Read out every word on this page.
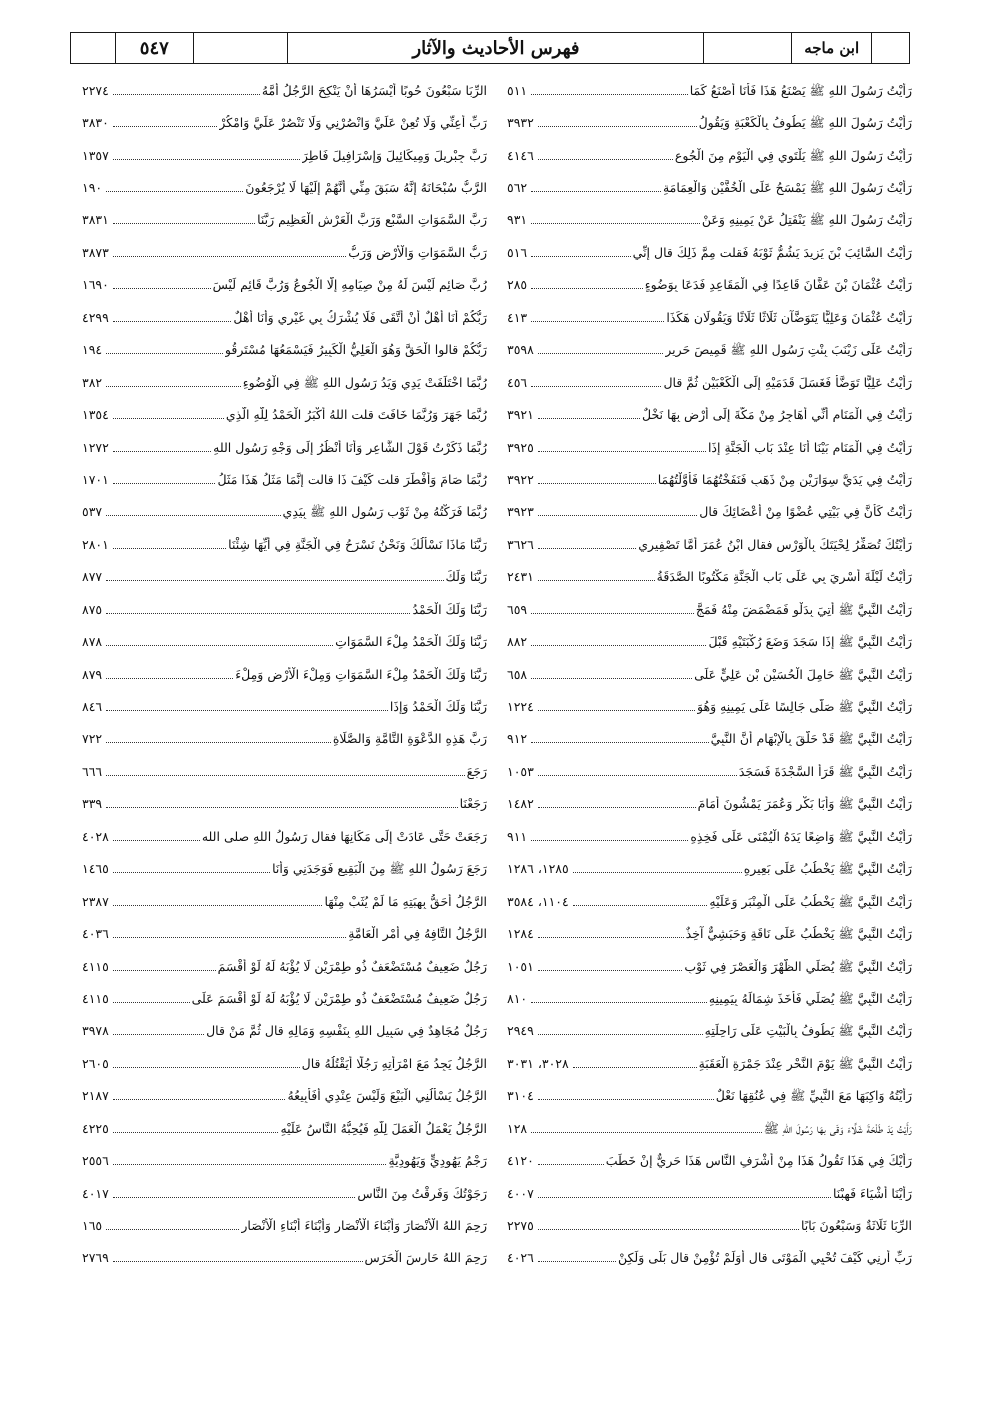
٥٤٧	فهرس الأحاديث والآثار	ابن ماجه
٢٢٧٤	الرِّبَا سَبْعُونَ حُوبًا أَيْسَرُهَا أَنْ يَنْكِحَ الرَّجُلُ أُمَّهُ
٣٨٣٠	رَبِّ أَعِنِّي وَلَا تُعِنْ عَلَيَّ وَانْصُرْنِي وَلَا تَنْصُرْ عَلَيَّ وَامْكُرْ
١٣٥٧	رَبَّ جِبْرِيلَ وَمِيكَائِيلَ وَإِسْرَافِيلَ فَاطِرَ
١٩٠	الرَّبُّ سُبْحَانَهُ إِنَّهُ سَبَقَ مِنِّي أَنَّهُمْ إِلَيْهَا لَا يُرْجَعُونَ
٣٨٣١	رَبَّ السَّمَوَاتِ السَّبْعِ وَرَبَّ الْعَرْشِ الْعَظِيمِ رَبَّنَا
٣٨٧٣	رَبُّ السَّمَوَاتِ وَالْأَرْضِ وَرَبُّ
١٦٩٠	رُبَّ صَائِمٍ لَيْسَ لَهُ مِنْ صِيَامِهِ إِلَّا الْجُوعُ وَرُبَّ قَائِمٍ لَيْسَ
٤٢٩٩	رَبُّكُمْ أَنَا أَهْلٌ أَنْ أُتَّقَى فَلَا يُشْرَكُ بِي غَيْرِي وَأَنَا أَهْلٌ
١٩٤	رَبُّكُمْ قالوا الْحَقَّ وَهُوَ الْعَلِيُّ الْكَبِيرُ فَيَسْمَعُهَا مُسْتَرِقُو
٣٨٢	رُبَّمَا اخْتَلَفَتْ يَدِي وَيَدُ رَسُولِ اللهِ ﷺ فِي الْوُضُوءِ
١٣٥٤	رُبَّمَا جَهَرَ وَرُبَّمَا خَافَتَ قلت اللهُ أَكْبَرُ الْحَمْدُ لِلَّهِ الَّذِي
١٢٧٢	رُبَّمَا ذَكَرْتُ قَوْلَ الشَّاعِرِ وَأَنَا أَنْظُرُ إِلَى وَجْهِ رَسُولِ اللهِ
١٧٠١	رُبَّمَا صَامَ وَأَفْطَرَ قلت كَيْفَ ذَا قالت إِنَّمَا مَثَلُ هَذَا مَثَلُ
٥٣٧	رُبَّمَا فَرَكْتُهُ مِنْ ثَوْبِ رَسُولِ اللهِ ﷺ بِيَدِي
٢٨٠١	رَبَّنَا مَاذَا نَسْأَلُكَ وَنَحْنُ نَسْرَحُ فِي الْجَنَّةِ فِي أَيِّهَا شِئْنَا
٨٧٧	رَبَّنَا وَلَكَ
٨٧٥	رَبَّنَا وَلَكَ الْحَمْدُ
٨٧٨	رَبَّنَا وَلَكَ الْحَمْدُ مِلْءَ السَّمَوَاتِ
٨٧٩	رَبَّنَا وَلَكَ الْحَمْدُ مِلْءَ السَّمَوَاتِ وَمِلْءَ الْأَرْضِ وَمِلْءَ
٨٤٦	رَبَّنَا وَلَكَ الْحَمْدُ وَإِذَا
٧٢٢	رَبَّ هَذِهِ الدَّعْوَةِ التَّامَّةِ وَالصَّلَاةِ
٦٦٦	رَجَعَ
٣٣٩	رَجَعْنَا
٤٠٢٨	رَجَعَتْ حَتَّى عَادَتْ إِلَى مَكَانِهَا فقال رَسُولُ اللهِ صلى الله
١٤٦٥	رَجَعَ رَسُولُ اللهِ ﷺ مِنَ الْبَقِيعِ فَوَجَدَنِي وَأَنَا
٢٣٨٧	الرَّجُلُ أَحَقُّ بِهِبَتِهِ مَا لَمْ يُثَبْ مِنْهَا
٤٠٣٦	الرَّجُلُ التَّافِهُ فِي أَمْرِ الْعَامَّةِ
٤١١٥	رَجُلٌ ضَعِيفٌ مُسْتَضْعَفٌ ذُو طِمْرَيْنِ لَا يُؤْبَهُ لَهُ لَوْ أَقْسَمَ
٤١١٥	رَجُلٌ ضَعِيفٌ مُسْتَضْعَفٌ ذُو طِمْرَيْنِ لَا يُؤْبَهُ لَهُ لَوْ أَقْسَمَ عَلَى
٣٩٧٨	رَجُلٌ مُجَاهِدٌ فِي سَبِيلِ اللهِ بِنَفْسِهِ وَمَالِهِ قال ثُمَّ مَنْ قال
٢٦٠٥	الرَّجُلُ يَجِدُ مَعَ امْرَأَتِهِ رَجُلًا أَيَقْتُلُهُ قال
٢١٨٧	الرَّجُلُ يَسْأَلُنِي الْبَيْعَ وَلَيْسَ عِنْدِي أَفَأَبِيعُهُ
٤٢٢٥	الرَّجُلُ يَعْمَلُ الْعَمَلَ لِلَّهِ فَيُحِبُّهُ النَّاسُ عَلَيْهِ
٢٥٥٦	رَجْمُ يَهُودِيٍّ وَيَهُودِيَّةٍ
٤٠١٧	رَجَوْتُكَ وَفَرِقْتُ مِنَ النَّاسِ
١٦٥	رَحِمَ اللهُ الْأَنْصَارَ وَأَبْنَاءَ الْأَنْصَارِ وَأَبْنَاءَ أَبْنَاءِ الْأَنْصَارِ
٢٧٦٩	رَحِمَ اللهُ حَارِسَ الْحَرَسِ
٥١١	رَأَيْتُ رَسُولَ اللهِ ﷺ يَصْنَعُ هَذَا فَأَنَا أَصْنَعُ كَمَا
٣٩٣٢	رَأَيْتُ رَسُولَ اللهِ ﷺ يَطُوفُ بِالْكَعْبَةِ وَيَقُولُ
٤١٤٦	رَأَيْتُ رَسُولَ اللهِ ﷺ يَلْتَوِي فِي الْيَوْمِ مِنَ الْجُوعِ
٥٦٢	رَأَيْتُ رَسُولَ اللهِ ﷺ يَمْسَحُ عَلَى الْخُفَّيْنِ وَالْعِمَامَةِ
٩٣١	رَأَيْتُ رَسُولَ اللهِ ﷺ يَنْفَتِلُ عَنْ يَمِينِهِ وَعَنْ
٥١٦	رَأَيْتُ السَّائِبَ بْنَ يَزِيدَ يَشُمُّ ثَوْبَهُ فَقلت مِمَّ ذَلِكَ قال إِنِّي
٢٨٥	رَأَيْتُ عُثْمَانَ بْنَ عَفَّانَ قَاعِدًا فِي الْمَقَاعِدِ فَدَعَا بِوَضُوءٍ
٤١٣	رَأَيْتُ عُثْمَانَ وَعَلِيًّا يَتَوَضَّآنِ ثَلَاثًا ثَلَاثًا وَيَقُولَانِ هَكَذَا
٣٥٩٨	رَأَيْتُ عَلَى زَيْنَبَ بِنْتِ رَسُولِ اللهِ ﷺ قَمِيصَ حَرِيرٍ
٤٥٦	رَأَيْتُ عَلِيًّا تَوَضَّأَ فَغَسَلَ قَدَمَيْهِ إِلَى الْكَعْبَيْنِ ثُمَّ قال
٣٩٢١	رَأَيْتُ فِي الْمَنَامِ أَنِّي أُهَاجِرُ مِنْ مَكَّةَ إِلَى أَرْضٍ بِهَا نَخْلٌ
٣٩٢٥	رَأَيْتُ فِي الْمَنَامِ بَيْنَا أَنَا عِنْدَ بَابِ الْجَنَّةِ إِذَا
٣٩٢٢	رَأَيْتُ فِي يَدَيَّ سِوَارَيْنِ مِنْ ذَهَبٍ فَنَفَخْتُهُمَا فَأَوَّلْتُهُمَا
٣٩٢٣	رَأَيْتُ كَأَنَّ فِي بَيْتِي عُضْوًا مِنْ أَعْضَائِكَ قال
٣٦٢٦	رَأَيْتُكَ تُصَفِّرُ لِحْيَتَكَ بِالْوَرْسِ فقال ابْنُ عُمَرَ أَمَّا تَصْفِيرِي
٢٤٣١	رَأَيْتُ لَيْلَةَ أُسْرِيَ بِي عَلَى بَابِ الْجَنَّةِ مَكْتُوبًا الصَّدَقَةُ
٦٥٩	رَأَيْتُ النَّبِيَّ ﷺ أُتِيَ بِدَلْوٍ فَمَضْمَضَ مِنْهُ فَمَجَّ
٨٨٢	رَأَيْتُ النَّبِيَّ ﷺ إِذَا سَجَدَ وَضَعَ رُكْبَتَيْهِ قَبْلَ
٦٥٨	رَأَيْتُ النَّبِيَّ ﷺ حَامِلَ الْحُسَيْنِ بْنِ عَلِيٍّ عَلَى
١٢٢٤	رَأَيْتُ النَّبِيَّ ﷺ صَلَّى جَالِسًا عَلَى يَمِينِهِ وَهُوَ
٩١٢	رَأَيْتُ النَّبِيَّ ﷺ قَدْ حَلَّقَ بِالْإِبْهَامِ أَنَّ النَّبِيَّ
١٠٥٣	رَأَيْتُ النَّبِيَّ ﷺ قَرَأَ السَّجْدَةَ فَسَجَدَ
١٤٨٢	رَأَيْتُ النَّبِيَّ ﷺ وَأَبَا بَكْرٍ وَعُمَرَ يَمْشُونَ أَمَامَ
٩١١	رَأَيْتُ النَّبِيَّ ﷺ وَاضِعًا يَدَهُ الْيُمْنَى عَلَى فَخِذِهِ
١٢٨٥، ١٢٨٦	رَأَيْتُ النَّبِيَّ ﷺ يَخْطُبُ عَلَى بَعِيرِهِ
١١٠٤، ٣٥٨٤	رَأَيْتُ النَّبِيَّ ﷺ يَخْطُبُ عَلَى الْمِنْبَرِ وَعَلَيْهِ
١٢٨٤	رَأَيْتُ النَّبِيَّ ﷺ يَخْطُبُ عَلَى نَاقَةٍ وَحَبَشِيٌّ آخِذٌ
١٠٥١	رَأَيْتُ النَّبِيَّ ﷺ يُصَلِّي الظُّهْرَ وَالْعَصْرَ فِي ثَوْبٍ
٨١٠	رَأَيْتُ النَّبِيَّ ﷺ يُصَلِّي فَأَخَذَ شِمَالَهُ بِيَمِينِهِ
٢٩٤٩	رَأَيْتُ النَّبِيَّ ﷺ يَطُوفُ بِالْبَيْتِ عَلَى رَاحِلَتِهِ
٣٠٢٨، ٣٠٣١	رَأَيْتُ النَّبِيَّ ﷺ يَوْمَ النَّحْرِ عِنْدَ جَمْرَةِ الْعَقَبَةِ
٣١٠٤	رَأَيْتُهُ وَاكِبَهَا مَعَ النَّبِيِّ ﷺ فِي عُنُقِهَا نَعْلٌ
١٢٨	رَأَيْتُ يَدَ طَلْحَةَ شَلَّاءَ وَقَى بِهَا رَسُولَ اللهِ ﷺ
٤١٢٠	رَأَيْكَ فِي هَذَا تَقُولُ هَذَا مِنْ أَشْرَفِ النَّاسِ هَذَا حَرِيٌّ إِنْ خَطَبَ
٤٠٠٧	رَأَيْنَا أَشْيَاءَ فَهِبْنَا
٢٢٧٥	الرِّبَا ثَلَاثَةٌ وَسَبْعُونَ بَابًا
٤٠٢٦	رَبِّ أَرِنِي كَيْفَ تُحْيِي الْمَوْتَى قال أَوَلَمْ تُؤْمِنْ قال بَلَى وَلَكِنْ
